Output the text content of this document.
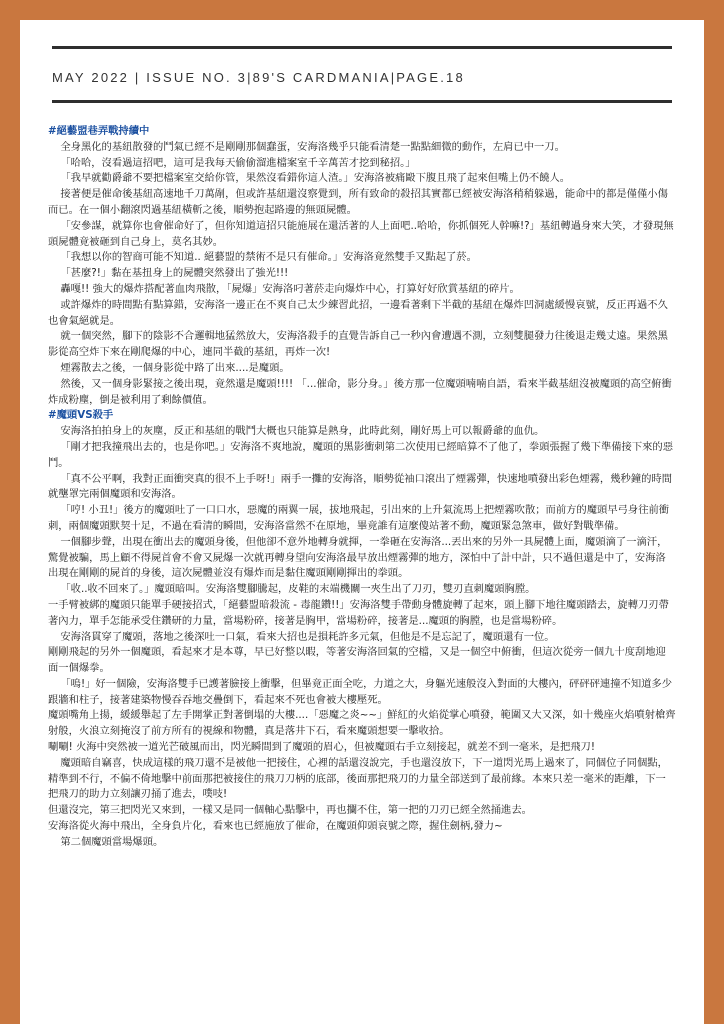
MAY 2022 | ISSUE NO. 3|89'S CARDMANIA|PAGE.18

#絕藝盟巷弄戰持續中

全身黑化的基紐散發的鬥氣已經不是剛剛那個蠢蛋，安海洛幾乎只能看清楚一點點細微的動作，左肩已中一刀。

「哈哈，沒看過這招吧，這可是我每天偷偷溜進檔案室千辛萬苦才挖到秘招。」

「我早就勸爵爺不要把檔案室交給你管，果然沒看錯你這人渣。」安海洛被痛毆下腹且飛了起來但嘴上仍不饒人。

接著便是催命後基紐高速地千刀萬剮，但或許基紐還沒察覺到，所有致命的殺招其實都已經被安海洛稍稍躲過，能命中的都是僅僅小傷而已。在一個小翻滾閃過基紐橫斬之後，順勢抱起路邊的無頭屍體。

「安參謀，就算你也會催命好了，但你知道這招只能施展在還活著的人上面吧..哈哈，你抓個死人幹嘛!?」基紐轉過身來大笑，才發現無頭屍體竟被砸到自己身上，莫名其妙。

「我想以你的智商可能不知道.. 絕藝盟的禁術不是只有催命。」安海洛竟然雙手又點起了菸。

「甚麼?!」黏在基扭身上的屍體突然發出了強光!!!

轟嘎!! 強大的爆炸搭配著血肉飛散，「屍爆」安海洛叼著菸走向爆炸中心，打算好好欣賞基紐的碎片。

或許爆炸的時間點有點算錯，安海洛一邊正在不爽自己太少練習此招，一邊看著剩下半截的基紐在爆炸凹洞處緩慢哀號，反正再過不久也會氣絕就是。

就一個突然，腳下的陰影不合邏輯地猛然放大，安海洛殺手的直覺告訴自己一秒內會遭遇不測，立刻雙腿發力往後退走幾丈遠。果然黑影從高空炸下來在剛爬爆的中心，連同半截的基紐，再炸一次!

煙霧散去之後，一個身影從中路了出來....是魔頭。

然後，又一個身影緊接之後出現，竟然還是魔頭!!!! 「...催命，影分身。」後方那一位魔頭喃喃自語，看來半截基紐沒被魔頭的高空俯衝炸成粉塵，倒是被利用了剩餘價值。

#魔頭VS殺手

安海洛拍拍身上的灰塵，反正和基紐的戰鬥大概也只能算是熱身，此時此刻，剛好馬上可以報爵爺的血仇。

「剛才把我撞飛出去的，也是你吧。」安海洛不爽地說，魔頭的黑影衝刺第二次使用已經暗算不了他了，拳頭張握了幾下準備接下來的惡鬥。

「真不公平啊，我對正面衝突真的很不上手呀!」兩手一攤的安海洛，順勢從袖口滾出了煙霧彈，快速地噴發出彩色煙霧，幾秒鐘的時間就壟罩完兩個魔頭和安海洛。

「哼! 小丑!」後方的魔頭吐了一口口水，惡魔的兩翼一展，拔地飛起，引出來的上升氣流馬上把煙霧吹散；而前方的魔頭早弓身往前衝刺，兩個魔頭默契十足，不過在看清的瞬間，安海洛當然不在原地，畢竟誰有這麼傻站著不動，魔頭緊急煞車，做好對戰準備。

一個腳步聲，出現在衝出去的魔頭身後，但他卻不意外地轉身就揮，一拳砸在安海洛...丟出來的另外一具屍體上面，魔頭滴了一滴汗，驚覺被騙，馬上顧不得屍首會不會又屍爆一次就再轉身望向安海洛最早放出煙霧彈的地方，深怕中了計中計，只不過但還是中了，安海洛出現在剛剛的屍首的身後，這次屍體並沒有爆炸而是黏住魔頭剛剛揮出的拳頭。

「收..收不回來了。」魔頭暗叫。安海洛雙腳騰起，皮鞋的末端機關一夾生出了刀刃，雙刃直刺魔頭胸膛。

一手臂被綁的魔頭只能單手硬接招式，「絕藝盟暗殺流 - 毒龍鑽!!」安海洛雙手帶動身體旋轉了起來，頭上腳下地往魔頭踏去，旋轉刀刃帶著內力，單手怎能承受住鑽研的力量，當場粉碎，接著是胸甲，當場粉碎，接著是...魔頭的胸膛，也是當場粉碎。

安海洛貫穿了魔頭，落地之後深吐一口氣，看來大招也是損耗許多元氣，但他是不是忘記了，魔頭還有一位。

剛剛飛起的另外一個魔頭，看起來才是本尊，早已好整以暇，等著安海洛回氣的空檔，又是一個空中俯衝，但這次從旁一個九十度刮地迎面一個爆拳。

「嗚!」好一個險，安海洛雙手已護著臉接上衝擊，但畢竟正面全吃，力道之大，身軀光速般沒入對面的大樓內，砰砰砰連撞不知道多少跟牆和柱子，接著建築物慢吞吞地交疊倒下，看起來不死也會被大樓壓死。

魔頭嘴角上揚，緩緩舉起了左手開掌正對著倒塌的大樓....「惡魔之炎~~」鮮紅的火焰從掌心噴發，範圍又大又深，如十幾座火焰噴射槍齊射般，火浪立刻掩沒了前方所有的視線和物體，真是落井下石，看來魔頭想要一擊收拾。

唰唰! 火海中突然被一道光芒破風而出，閃光瞬間到了魔頭的眉心，但被魔頭右手立刻接起，就差不到一毫米，是把飛刀!

魔頭暗自竊喜，快成這樣的飛刀還不是被他一把接住，心裡的話還沒說完，手也還沒放下，下一道閃光馬上過來了，同個位子同個點，精準到不行，不偏不倚地擊中前面那把被接住的飛刀刀柄的底部，後面那把飛刀的力量全部送到了最前緣。本來只差一毫米的距離，下一把飛刀的助力立刻讓刃捅了進去，噗吱!

但還沒完，第三把閃光又來到，一樣又是同一個軸心點擊中，再也攔不住，第一把的刀刃已經全然捅進去。

安海洛從火海中飛出，全身負片化，看來也已經施放了催命，在魔頭仰頭哀號之際，握住劍柄,發力~

第二個魔頭當場爆頭。
